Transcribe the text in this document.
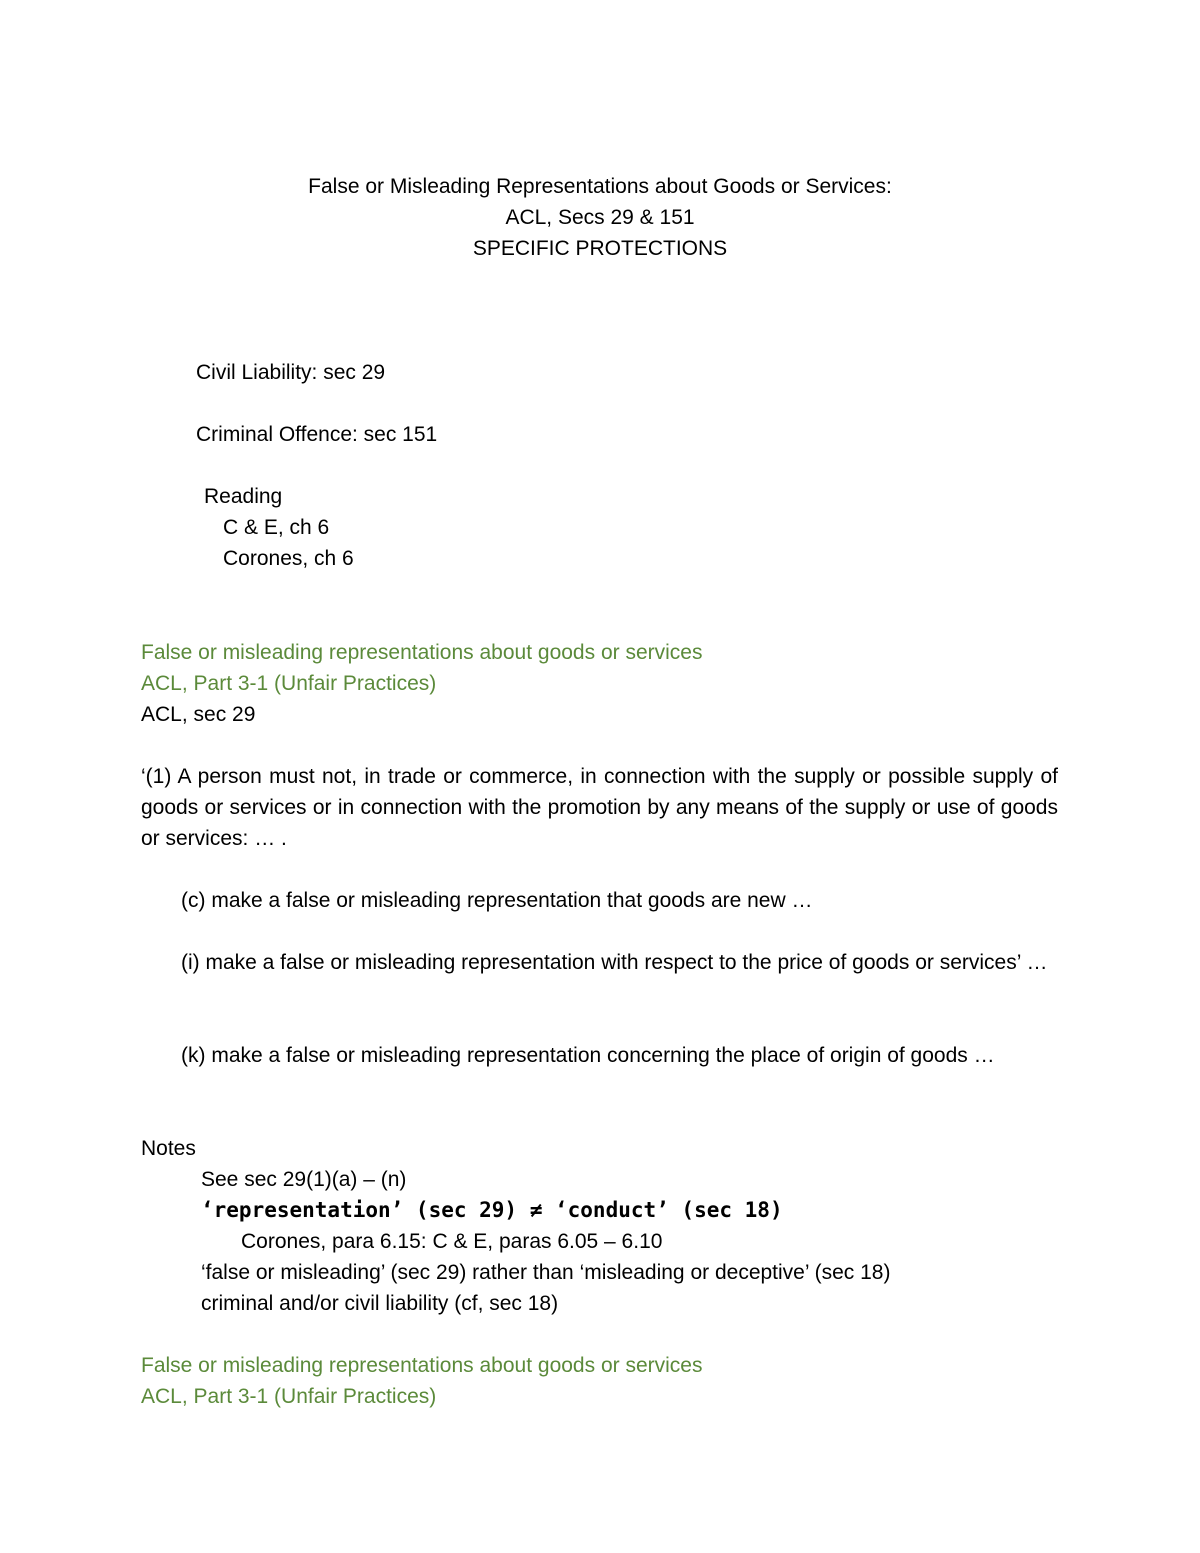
False or Misleading Representations about Goods or Services:
ACL, Secs 29 & 151
SPECIFIC PROTECTIONS
Civil Liability: sec 29
Criminal Offence: sec 151
Reading
C & E, ch 6
Corones, ch 6
False or misleading representations about goods or services
ACL, Part 3-1 (Unfair Practices)
ACL, sec 29
‘(1) A person must not, in trade or commerce, in connection with the supply or possible supply of goods or services or in connection with the promotion by any means of the supply or use of goods or services: … .
(c) make a false or misleading representation that goods are new …
(i) make a false or misleading representation with respect to the price of goods or services’ …
(k) make a false or misleading representation concerning the place of origin of goods …
Notes
See sec 29(1)(a) – (n)
‘representation’ (sec 29) ≠ ‘conduct’ (sec 18)
Corones, para 6.15: C & E, paras 6.05 – 6.10
‘false or misleading’ (sec 29) rather than ‘misleading or deceptive’ (sec 18)
criminal and/or civil liability (cf, sec 18)
False or misleading representations about goods or services
ACL, Part 3-1 (Unfair Practices)
